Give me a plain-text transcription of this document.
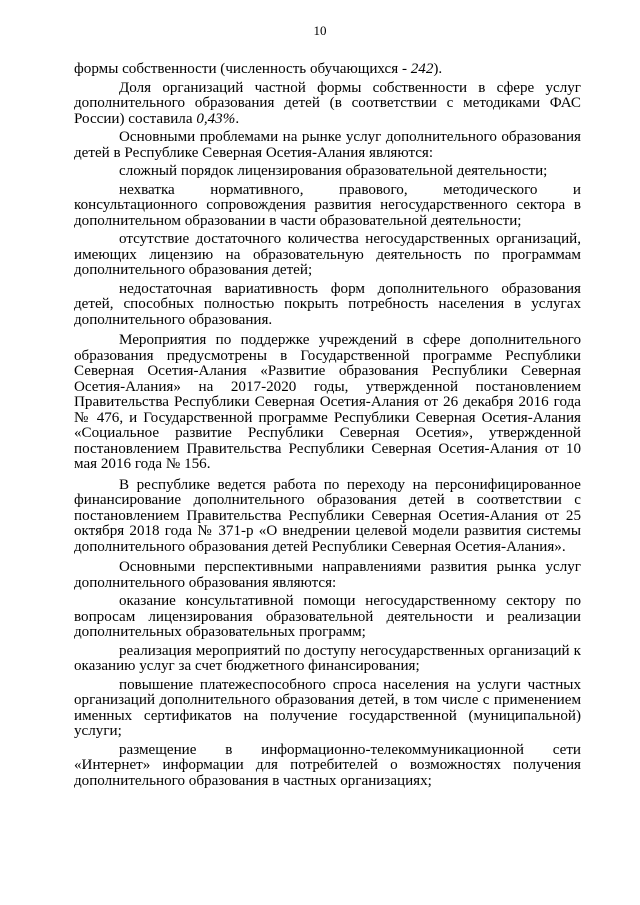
10

формы собственности (численность обучающихся - 242).

Доля организаций частной формы собственности в сфере услуг дополнительного образования детей (в соответствии с методиками ФАС России) составила 0,43%.

Основными проблемами на рынке услуг дополнительного образования детей в Республике Северная Осетия-Алания являются:

сложный порядок лицензирования образовательной деятельности;

нехватка нормативного, правового, методического и консультационного сопровождения развития негосударственного сектора в дополнительном образовании в части образовательной деятельности;

отсутствие достаточного количества негосударственных организаций, имеющих лицензию на образовательную деятельность по программам дополнительного образования детей;

недостаточная вариативность форм дополнительного образования детей, способных полностью покрыть потребность населения в услугах дополнительного образования.

Мероприятия по поддержке учреждений в сфере дополнительного образования предусмотрены в Государственной программе Республики Северная Осетия-Алания «Развитие образования Республики Северная Осетия-Алания» на 2017-2020 годы, утвержденной постановлением Правительства Республики Северная Осетия-Алания от 26 декабря 2016 года № 476, и Государственной программе Республики Северная Осетия-Алания «Социальное развитие Республики Северная Осетия», утвержденной постановлением Правительства Республики Северная Осетия-Алания от 10 мая 2016 года № 156.

В республике ведется работа по переходу на персонифицированное финансирование дополнительного образования детей в соответствии с постановлением Правительства Республики Северная Осетия-Алания от 25 октября 2018 года № 371-р «О внедрении целевой модели развития системы дополнительного образования детей Республики Северная Осетия-Алания».

Основными перспективными направлениями развития рынка услуг дополнительного образования являются:

оказание консультативной помощи негосударственному сектору по вопросам лицензирования образовательной деятельности и реализации дополнительных образовательных программ;

реализация мероприятий по доступу негосударственных организаций к оказанию услуг за счет бюджетного финансирования;

повышение платежеспособного спроса населения на услуги частных организаций дополнительного образования детей, в том числе с применением именных сертификатов на получение государственной (муниципальной) услуги;

размещение в информационно-телекоммуникационной сети «Интернет» информации для потребителей о возможностях получения дополнительного образования в частных организациях;
